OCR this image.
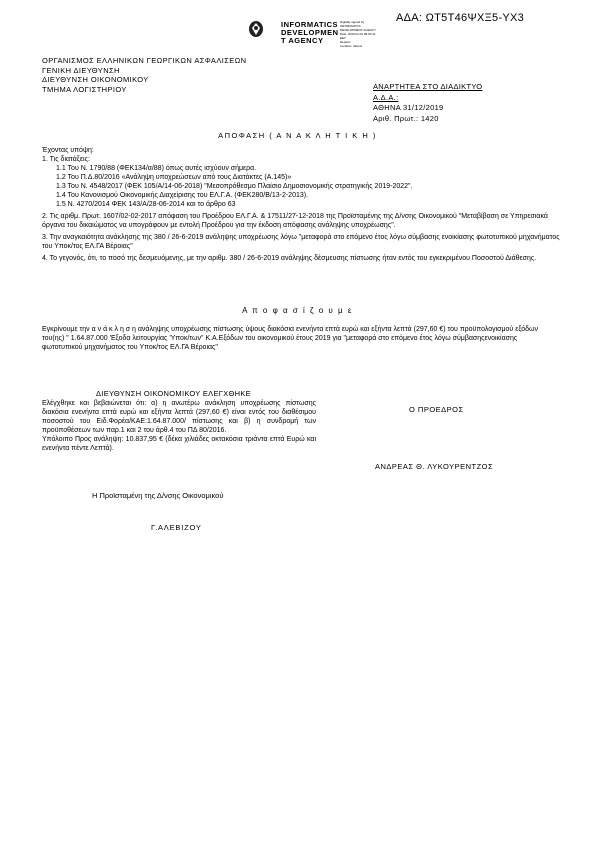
ΑΔΑ: ΩΤ5Τ46ΨΧΞ5-ΥΧ3
INFORMATICS
DEVELOPMEN
T AGENCY
Digitally signed by
INFORMATICS
DEVELOPMENT AGENCY
Date: 2020.01.02 08:00:11
EET
Reason:
Location: Athens
ΟΡΓΑΝΙΣΜΟΣ ΕΛΛΗΝΙΚΩΝ ΓΕΩΡΓΙΚΩΝ ΑΣΦΑΛΙΣΕΩΝ
ΓΕΝΙΚΗ ΔΙΕΥΘΥΝΣΗ
ΔΙΕΥΘΥΝΣΗ ΟΙΚΟΝΟΜΙΚΟΥ
ΤΜΗΜΑ ΛΟΓΙΣΤΗΡΙΟΥ	ΑΝΑΡΤΗΤΕΑ ΣΤΟ ΔΙΑΔΙΚΤΥΟ
Α.Δ.Α.:
ΑΘΗΝΑ 31/12/2019
Αριθ. Πρωτ.: 1420
ΑΠΟΦΑΣΗ ( Α Ν Α Κ Λ Η Τ Ι Κ Η )

Έχοντας υπόψη:

1. Τις διατάξεις:

1.1 Του Ν. 1790/88 (ΦΕΚ134/α/88) όπως αυτές ισχύουν σήμερα.

1.2 Του Π.Δ.80/2016 «Ανάληψη υποχρεώσεων από τους Διατάκτες (Α.145)»

1.3 Του Ν. 4548/2017 (ΦΕΚ 105/Α/14-06-2018) "Μεσοπρόθεσμο Πλαίσιο Δημοσιονομικής στρατηγικής 2019-2022".

1.4 Του Κανονισμού Οικονομικής Διαχείρισης του ΕΛ.Γ.Α. (ΦΕΚ280/Β/13-2-2013).

1.5 Ν. 4270/2014 ΦΕΚ 143/Α/28-06-2014 και το άρθρο 63

2. Τις αριθμ. Πρωτ. 1607/02-02-2017 απόφαση του Προέδρου ΕΛ.Γ.Α. & 17511/27-12-2018 της Προϊσταμένης της Δ/νσης Οικονομικού "Μεταβίβαση σε Υπηρεσιακά όργανα του δικαιώματος να υπογράφουν με εντολή Προέδρου για την έκδοση απόφασης ανάληψης υποχρέωσης".

3. Την αναγκαιότητα ανάκλησης της 380 / 26-6-2019 ανάληψης υποχρέωσης λόγω "μεταφορά στο επόμενο έτος λόγω σύμβασης ενοικίασης φωτοτυπικού μηχανήματος του Υποκ/τος ΕΛ.ΓΑ Βέροιας"

4. Το γεγονός, ότι, το ποσό της δεσμευόμενης, με την αριθμ. 380 / 26-6-2019 ανάληψης δέσμευσης πίστωσης ήταν εντός του εγκεκριμένου Ποσοστού Διάθεσης.

Α π ο φ α σ ί ζ ο υ μ ε
Εγκρίνουμε την α ν ά κ λ η σ η ανάληψης υποχρέωσης πίστωσης ύψους διακόσια ενενήντα επτά ευρώ και εξήντα λεπτά (297,60 €) του προϋπολογισμού εξόδων του(ης) " 1.64.87.000 'Εξοδα λειτουργίας 'Υποκ/των" Κ.Α.Εξόδων του οικονομικού έτους 2019 για "μεταφορά στο επόμενο έτος λόγω σύμβασηςενοικίασης φωτοτυπικού μηχανήματος του Υποκ/τος ΕΛ.ΓΑ Βέροιας"
ΔΙΕΥΘΥΝΣΗ ΟΙΚΟΝΟΜΙΚΟΥ ΕΛΕΓΧΘΗΚΕ
Ελέγχθηκε και βεβαιώνεται ότι: α) η ανωτέρω ανάκληση υποχρέωσης πίστωσης διακόσια ενενήντα επτά ευρώ και εξήντα λεπτά (297,60 €) είναι εντός του διαθέσιμου ποσοστού του Ειδ.Φορέα/ΚΑΕ:1.64.87.000/ πίστωσης και β) η συνδρομή των προϋποθέσεων των παρ.1 και 2 του άρθ.4 του ΠΔ 80/2016.
Υπόλοιπο Προς ανάληψη: 10.837,95 € (δέκα χιλιάδες οκτακόσια τριάντα επτά Ευρώ και ενενήντα πέντε Λεπτά).
Ο ΠΡΟΕΔΡΟΣ
ΑΝΔΡΕΑΣ Θ. ΛΥΚΟΥΡΕΝΤΖΟΣ
Η Προϊσταμένη της Δ/νσης Οικονομικού
Γ.ΑΛΕΒΙΖΟΥ
